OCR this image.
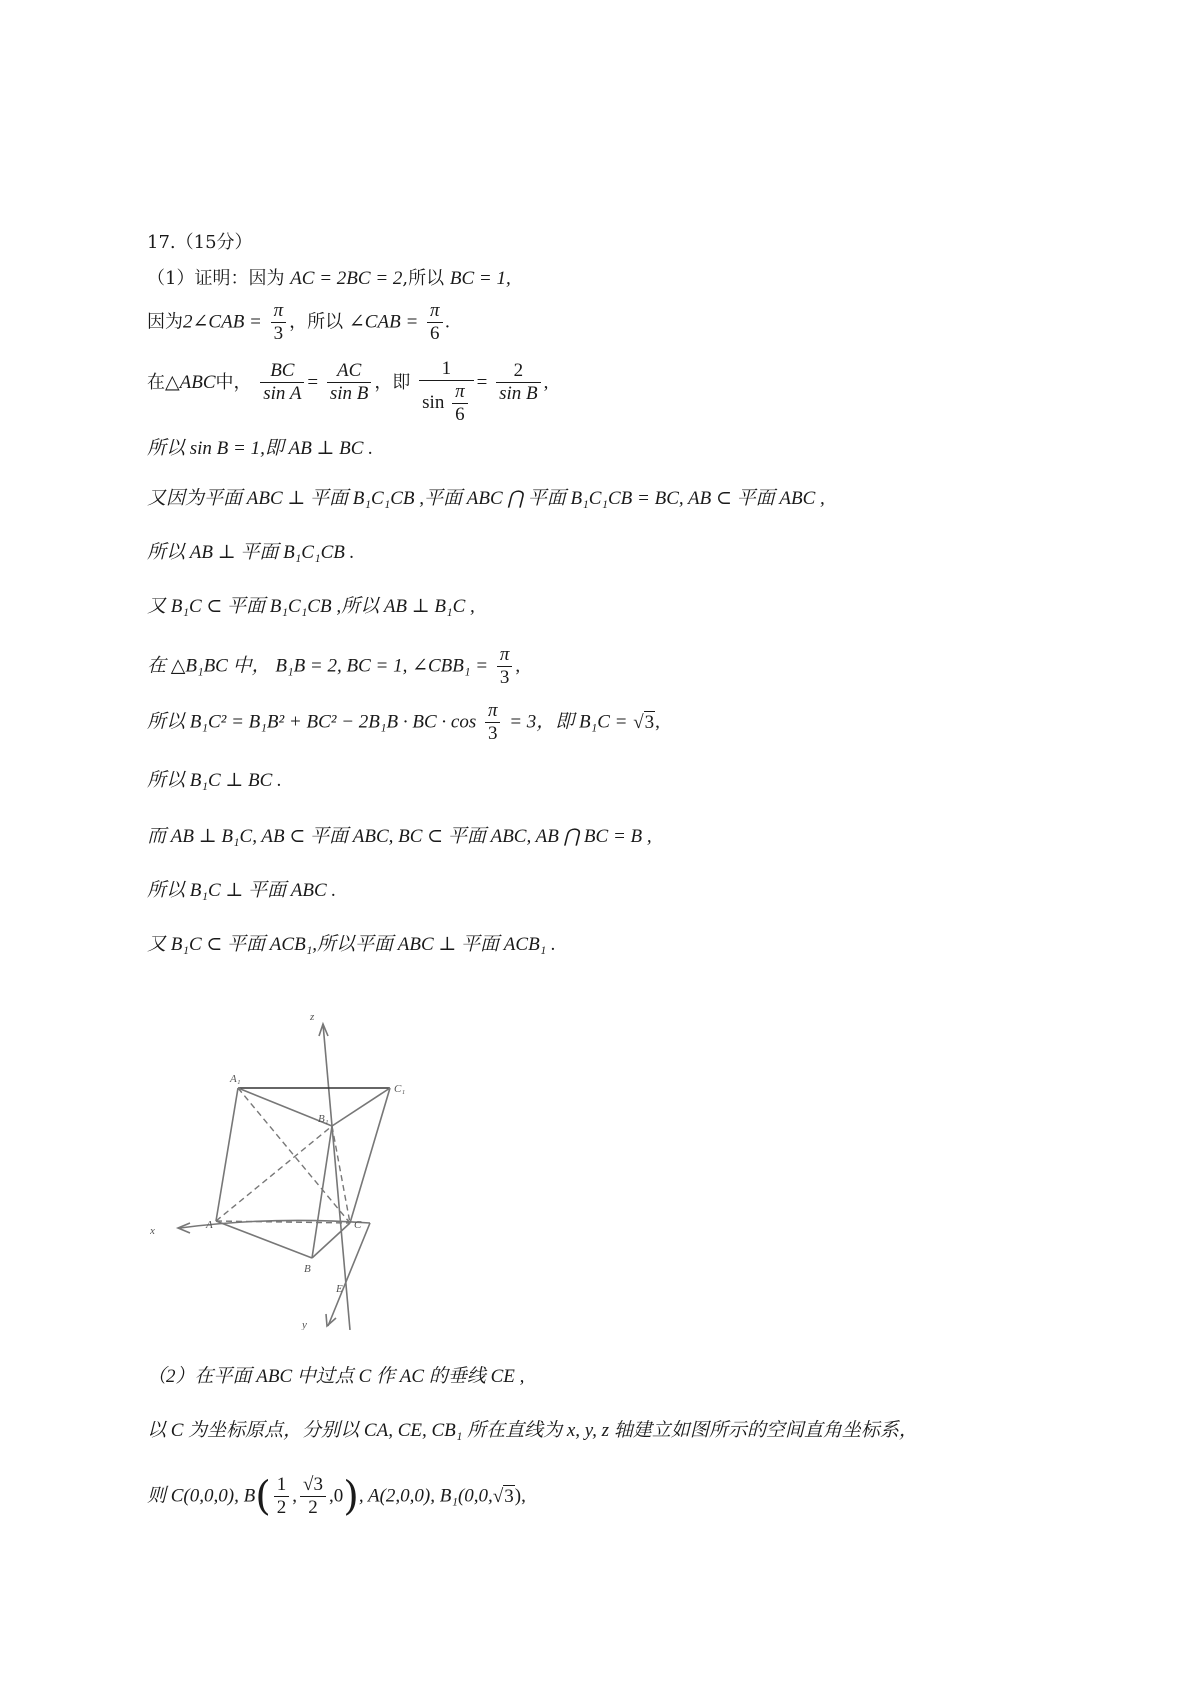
17.（15分）
（1）证明：因为 AC = 2BC = 2,所以 BC = 1,
因为2∠CAB = $\frac{\pi}{3}$ ，所以 ∠CAB = $\frac{\pi}{6}$ .
在△ABC中， $\frac{BC}{\text{sin A}} = \frac{AC}{\text{sin B}}$ ，即 $\frac{1}{\sin \frac{\pi}{6}} = \frac{2}{\text{sin B}}$ ,
所以 sin B = 1,即 AB ⊥ BC .
又因为平面 ABC ⊥ 平面 B₁C₁CB ,平面 ABC ⋂ 平面 B₁C₁CB = BC, AB ⊂ 平面 ABC ,
所以 AB ⊥ 平面 B₁C₁CB .
又 B₁C ⊂ 平面 B₁C₁CB ,所以 AB ⊥ B₁C ,
在 △B₁BC 中， B₁B = 2, BC = 1, ∠CBB₁ = $\frac{\pi}{3}$ ,
所以 B₁C² = B₁B² + BC² − 2B₁B · BC · $\cos \frac{\pi}{3} = 3$，即 B₁C = √3,
所以 B₁C ⊥ BC .
而 AB ⊥ B₁C, AB ⊂ 平面 ABC, BC ⊂ 平面 ABC, AB ⋂ BC = B ,
所以 B₁C ⊥ 平面 ABC .
又 B₁C ⊂ 平面 ACB₁,所以平面 ABC ⊥ 平面 ACB₁ .
z
x
y
A₁
C₁
B₁
A	C
B
E
（2）在平面 ABC 中过点 C 作 AC 的垂线 CE ,
以 C 为坐标原点，分别以 CA, CE, CB₁ 所在直线为 x, y, z 轴建立如图所示的空间直角坐标系，
则 C(0,0,0), $B( \frac{1}{2}$ , $\frac{√3}{2} ,0$), A(2,0,0), B₁(0,0,√3),
